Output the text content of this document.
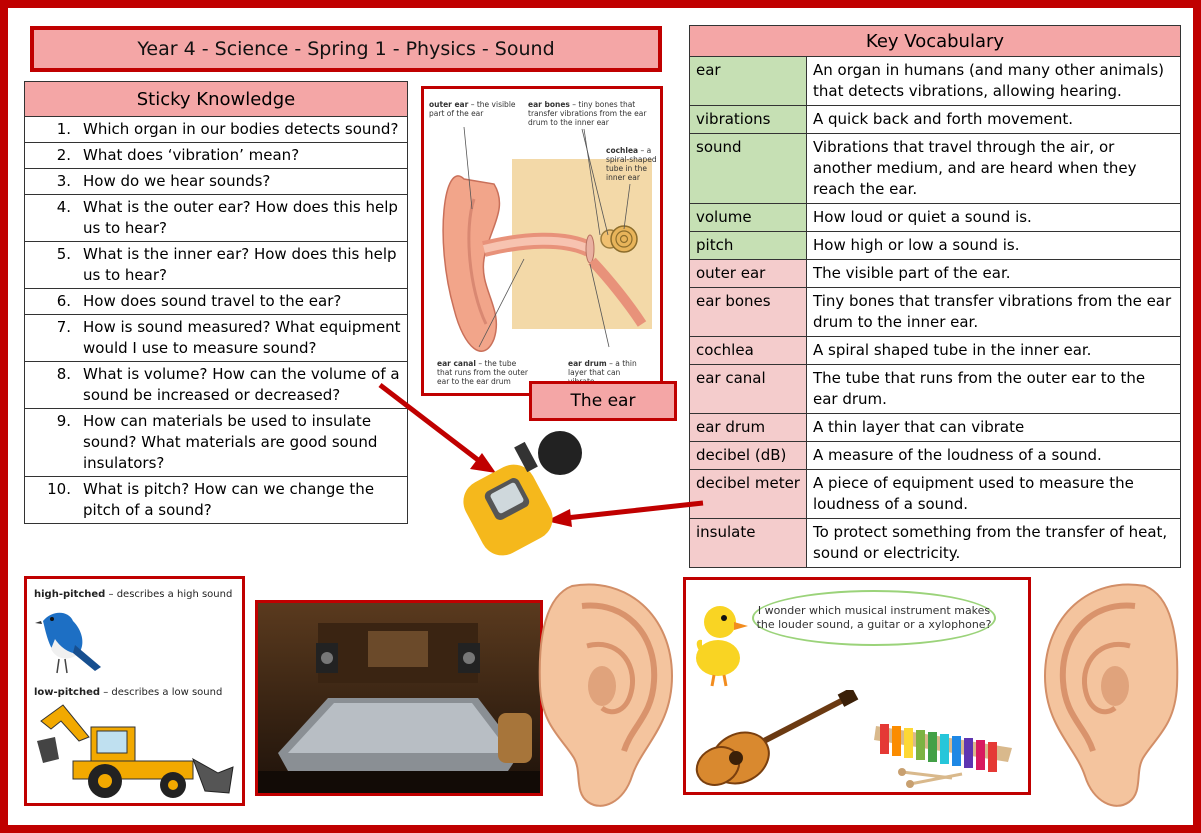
Year 4 - Science - Spring 1 - Physics - Sound
Sticky Knowledge	
1.	Which organ in our bodies detects sound?
2.	What does ‘vibration’ mean?
3.	How do we hear sounds?
4.	What is the outer ear? How does this help us to hear?
5.	What is the inner ear? How does this help us to hear?
6.	How does sound travel to the ear?
7.	How is sound measured? What equipment would I use to measure sound?
8.	What is volume? How can the volume of a sound be increased or decreased?
9.	How can materials be used to insulate sound? What materials are good sound insulators?
10.	What is pitch? How can we change the pitch of a sound?
outer ear – the visible part of the ear
ear bones – tiny bones that transfer vibrations from the ear drum to the inner ear
cochlea – a spiral-shaped tube in the inner ear
ear canal – the tube that runs from the outer ear to the ear drum
ear drum – a thin layer that can
The ear
Key Vocabulary	
ear	An organ in humans (and many other animals) that detects vibrations, allowing hearing.
vibrations	A quick back and forth movement.
sound	Vibrations that travel through the air, or another medium, and are heard when they reach the ear.
volume	How loud or quiet a sound is.
pitch	How high or low a sound is.
outer ear	The visible part of the ear.
ear bones	Tiny bones that transfer vibrations from the ear drum to the inner ear.
cochlea	A spiral shaped tube in the inner ear.
ear canal	The tube that runs from the outer ear to the ear drum.
ear drum	A thin layer that can vibrate
decibel (dB)	A measure of the loudness of a sound.
decibel meter	A piece of equipment used to measure the loudness of a sound.
insulate	To protect something from the transfer of heat, sound or electricity.
high-pitched – describes a high sound
low-pitched – describes a low sound
I wonder which musical instrument makes the louder sound, a guitar or a xylophone?
